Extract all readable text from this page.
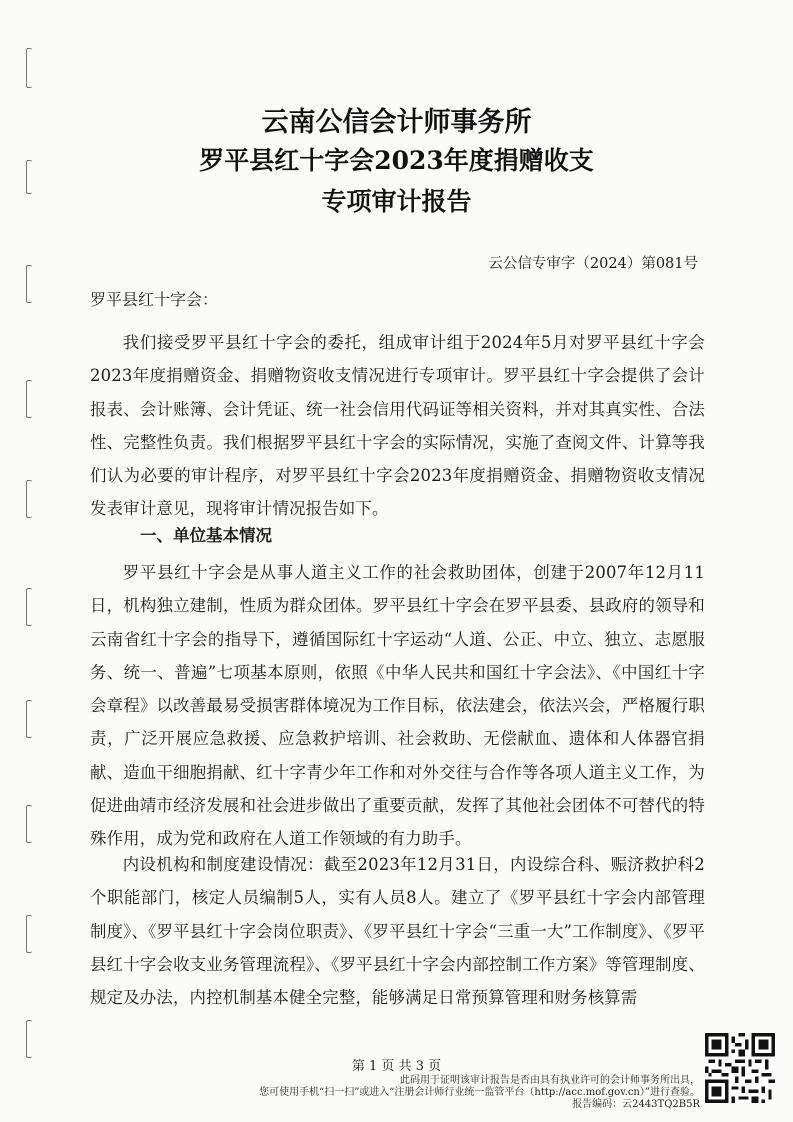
云南公信会计师事务所
罗平县红十字会2023年度捐赠收支
专项审计报告
云公信专审字（2024）第081号
罗平县红十字会：
我们接受罗平县红十字会的委托，组成审计组于2024年5月对罗平县红十字会2023年度捐赠资金、捐赠物资收支情况进行专项审计。罗平县红十字会提供了会计报表、会计账簿、会计凭证、统一社会信用代码证等相关资料，并对其真实性、合法性、完整性负责。我们根据罗平县红十字会的实际情况，实施了查阅文件、计算等我们认为必要的审计程序，对罗平县红十字会2023年度捐赠资金、捐赠物资收支情况发表审计意见，现将审计情况报告如下。
一、单位基本情况
罗平县红十字会是从事人道主义工作的社会救助团体，创建于2007年12月11日，机构独立建制，性质为群众团体。罗平县红十字会在罗平县委、县政府的领导和云南省红十字会的指导下，遵循国际红十字运动“人道、公正、中立、独立、志愿服务、统一、普遍”七项基本原则，依照《中华人民共和国红十字会法》、《中国红十字会章程》以改善最易受损害群体境况为工作目标，依法建会，依法兴会，严格履行职责，广泛开展应急救援、应急救护培训、社会救助、无偿献血、遗体和人体器官捐献、造血干细胞捐献、红十字青少年工作和对外交往与合作等各项人道主义工作，为促进曲靖市经济发展和社会进步做出了重要贡献，发挥了其他社会团体不可替代的特殊作用，成为党和政府在人道工作领域的有力助手。
内设机构和制度建设情况：截至2023年12月31日，内设综合科、赈济救护科2个职能部门，核定人员编制5人，实有人员8人。建立了《罗平县红十字会内部管理制度》、《罗平县红十字会岗位职责》、《罗平县红十字会“三重一大”工作制度》、《罗平县红十字会收支业务管理流程》、《罗平县红十字会内部控制工作方案》等管理制度、规定及办法，内控机制基本健全完整，能够满足日常预算管理和财务核算需
第 1 页 共 3 页
此码用于证明该审计报告是否由具有执业许可的会计师事务所出具，
您可使用手机“扫一扫”或进入“注册会计师行业统一监管平台（http://acc.mof.gov.cn）”进行查验。
报告编码：云2443TQ2B5R
